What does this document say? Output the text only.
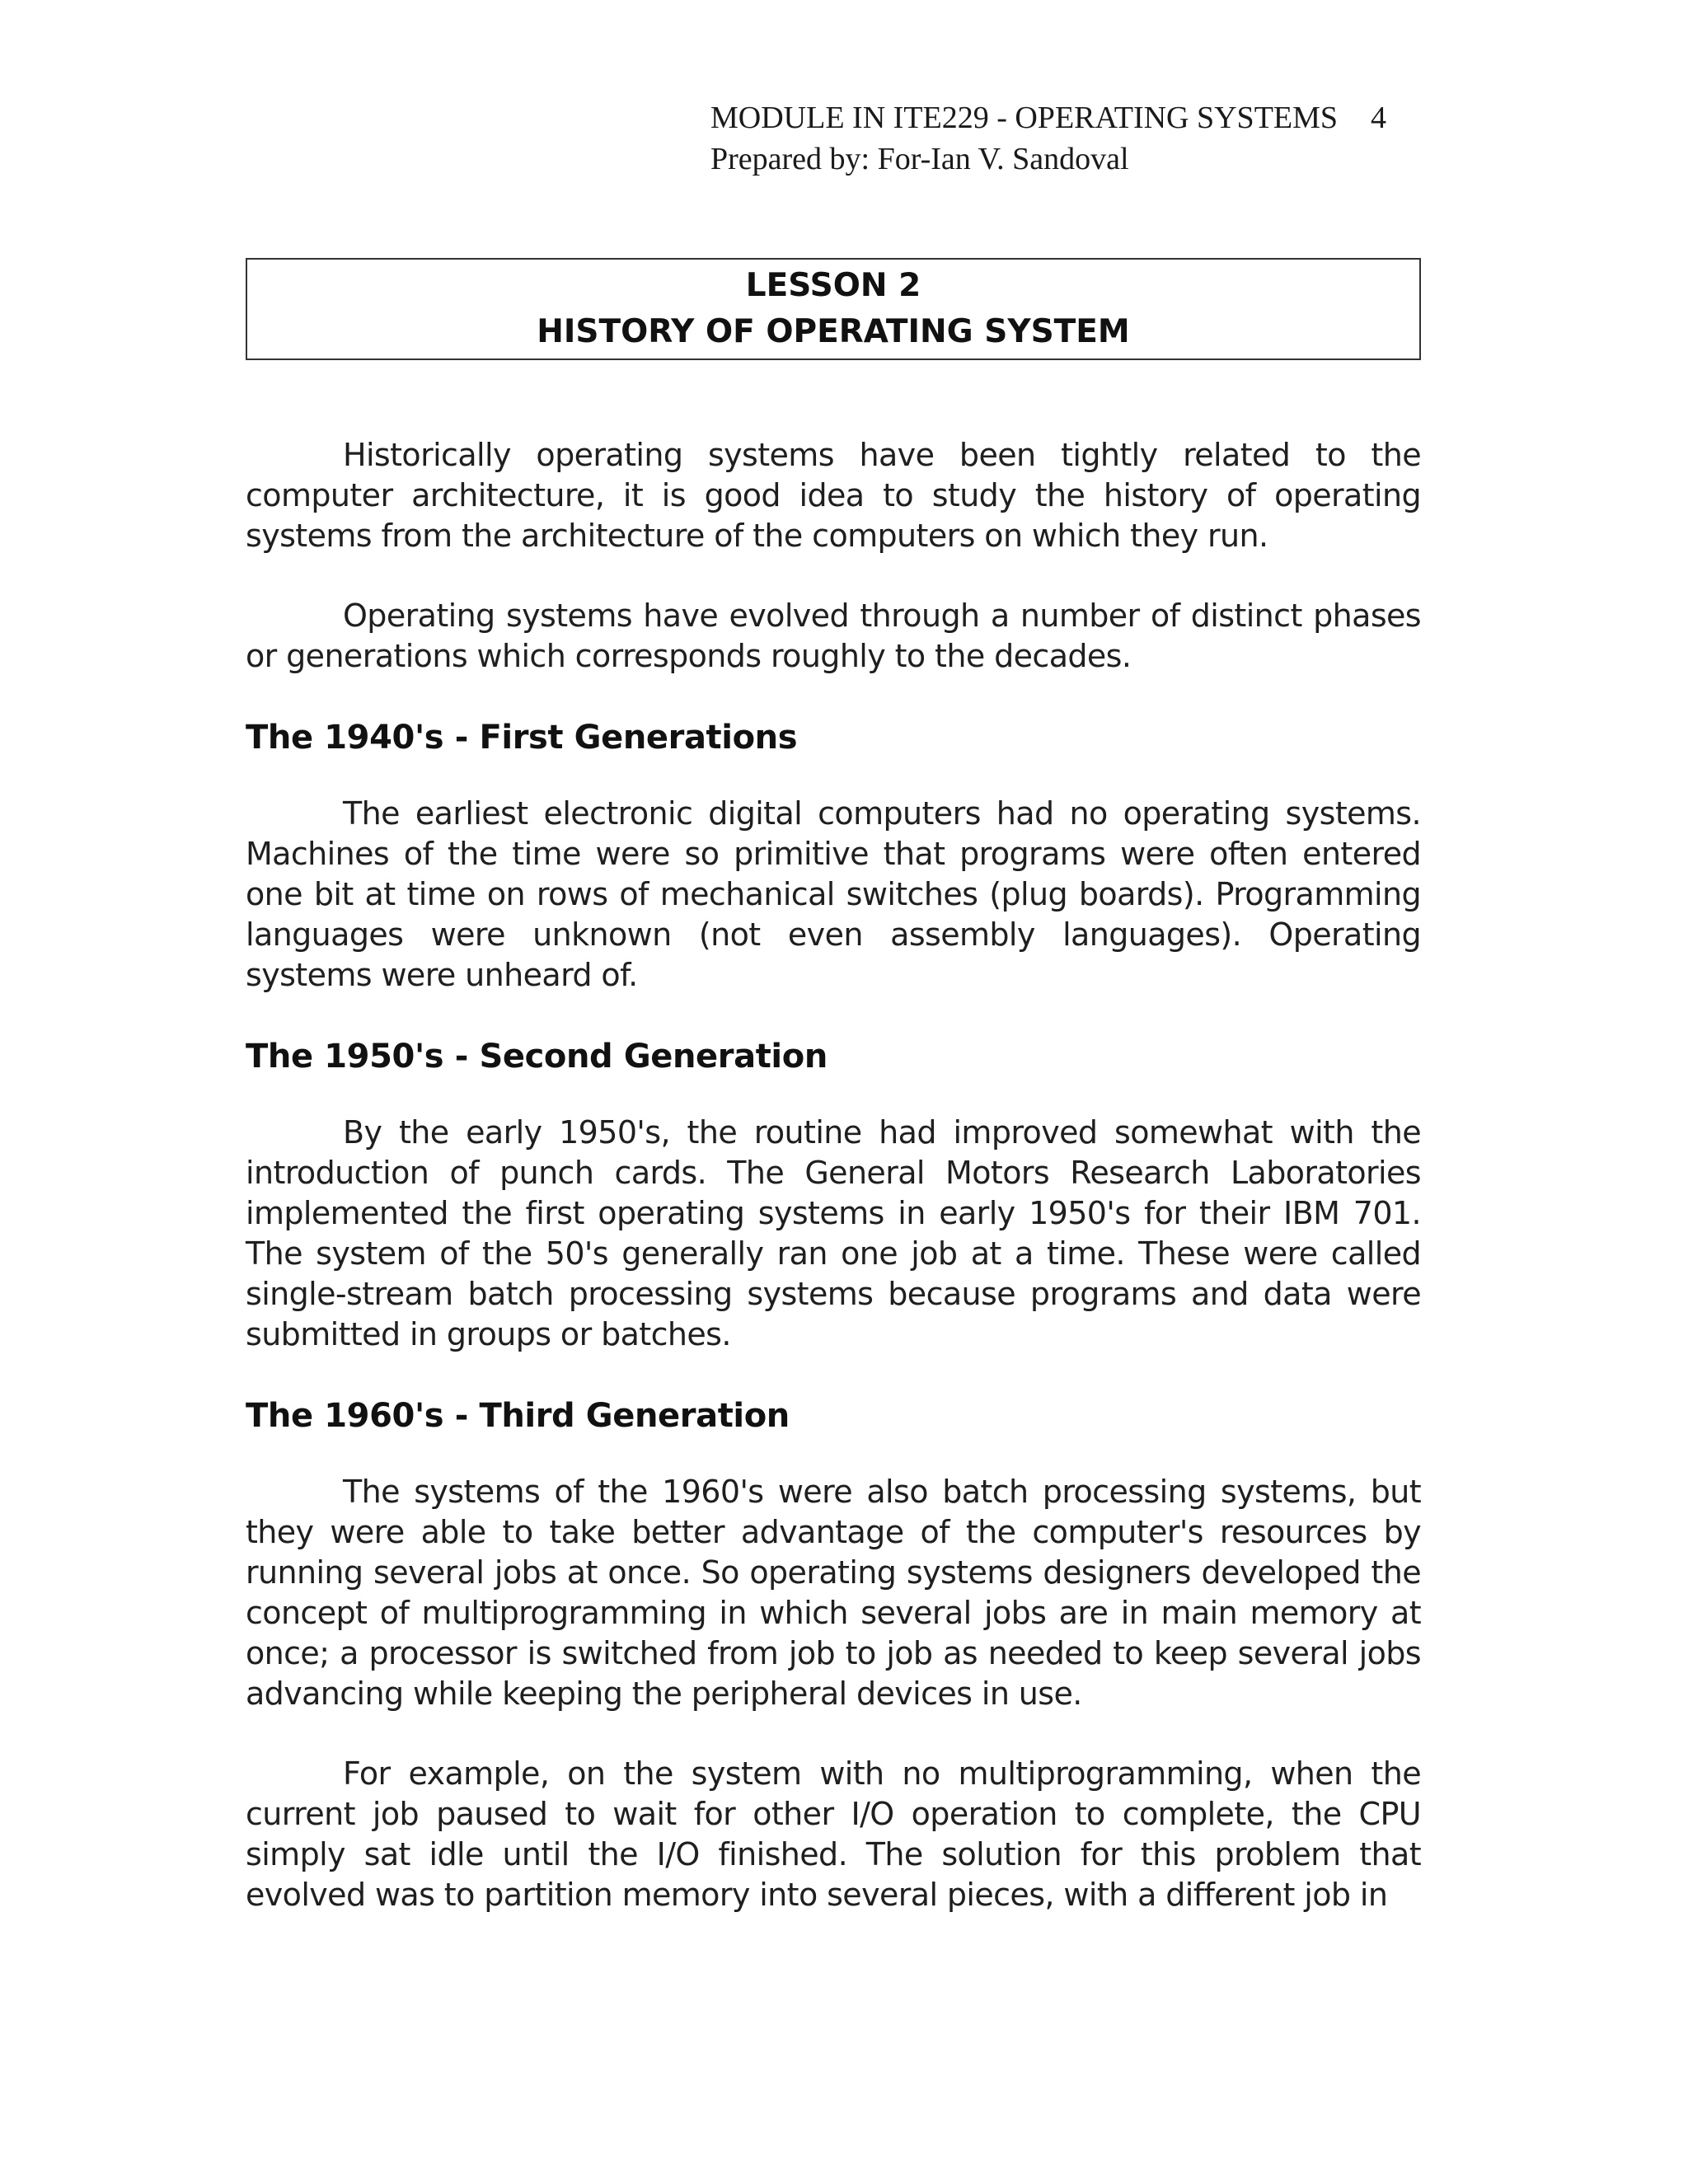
MODULE IN ITE229 - OPERATING SYSTEMS 4
Prepared by: For-Ian V. Sandoval
LESSON 2
HISTORY OF OPERATING SYSTEM

Historically operating systems have been tightly related to the computer architecture, it is good idea to study the history of operating systems from the architecture of the computers on which they run.

Operating systems have evolved through a number of distinct phases or generations which corresponds roughly to the decades.

The 1940's - First Generations

The earliest electronic digital computers had no operating systems. Machines of the time were so primitive that programs were often entered one bit at time on rows of mechanical switches (plug boards). Programming languages were unknown (not even assembly languages). Operating systems were unheard of.

The 1950's - Second Generation

By the early 1950's, the routine had improved somewhat with the introduction of punch cards. The General Motors Research Laboratories implemented the first operating systems in early 1950's for their IBM 701. The system of the 50's generally ran one job at a time. These were called single-stream batch processing systems because programs and data were submitted in groups or batches.

The 1960's - Third Generation

The systems of the 1960's were also batch processing systems, but they were able to take better advantage of the computer's resources by running several jobs at once. So operating systems designers developed the concept of multiprogramming in which several jobs are in main memory at once; a processor is switched from job to job as needed to keep several jobs advancing while keeping the peripheral devices in use.

For example, on the system with no multiprogramming, when the current job paused to wait for other I/O operation to complete, the CPU simply sat idle until the I/O finished. The solution for this problem that evolved was to partition memory into several pieces, with a different job in
